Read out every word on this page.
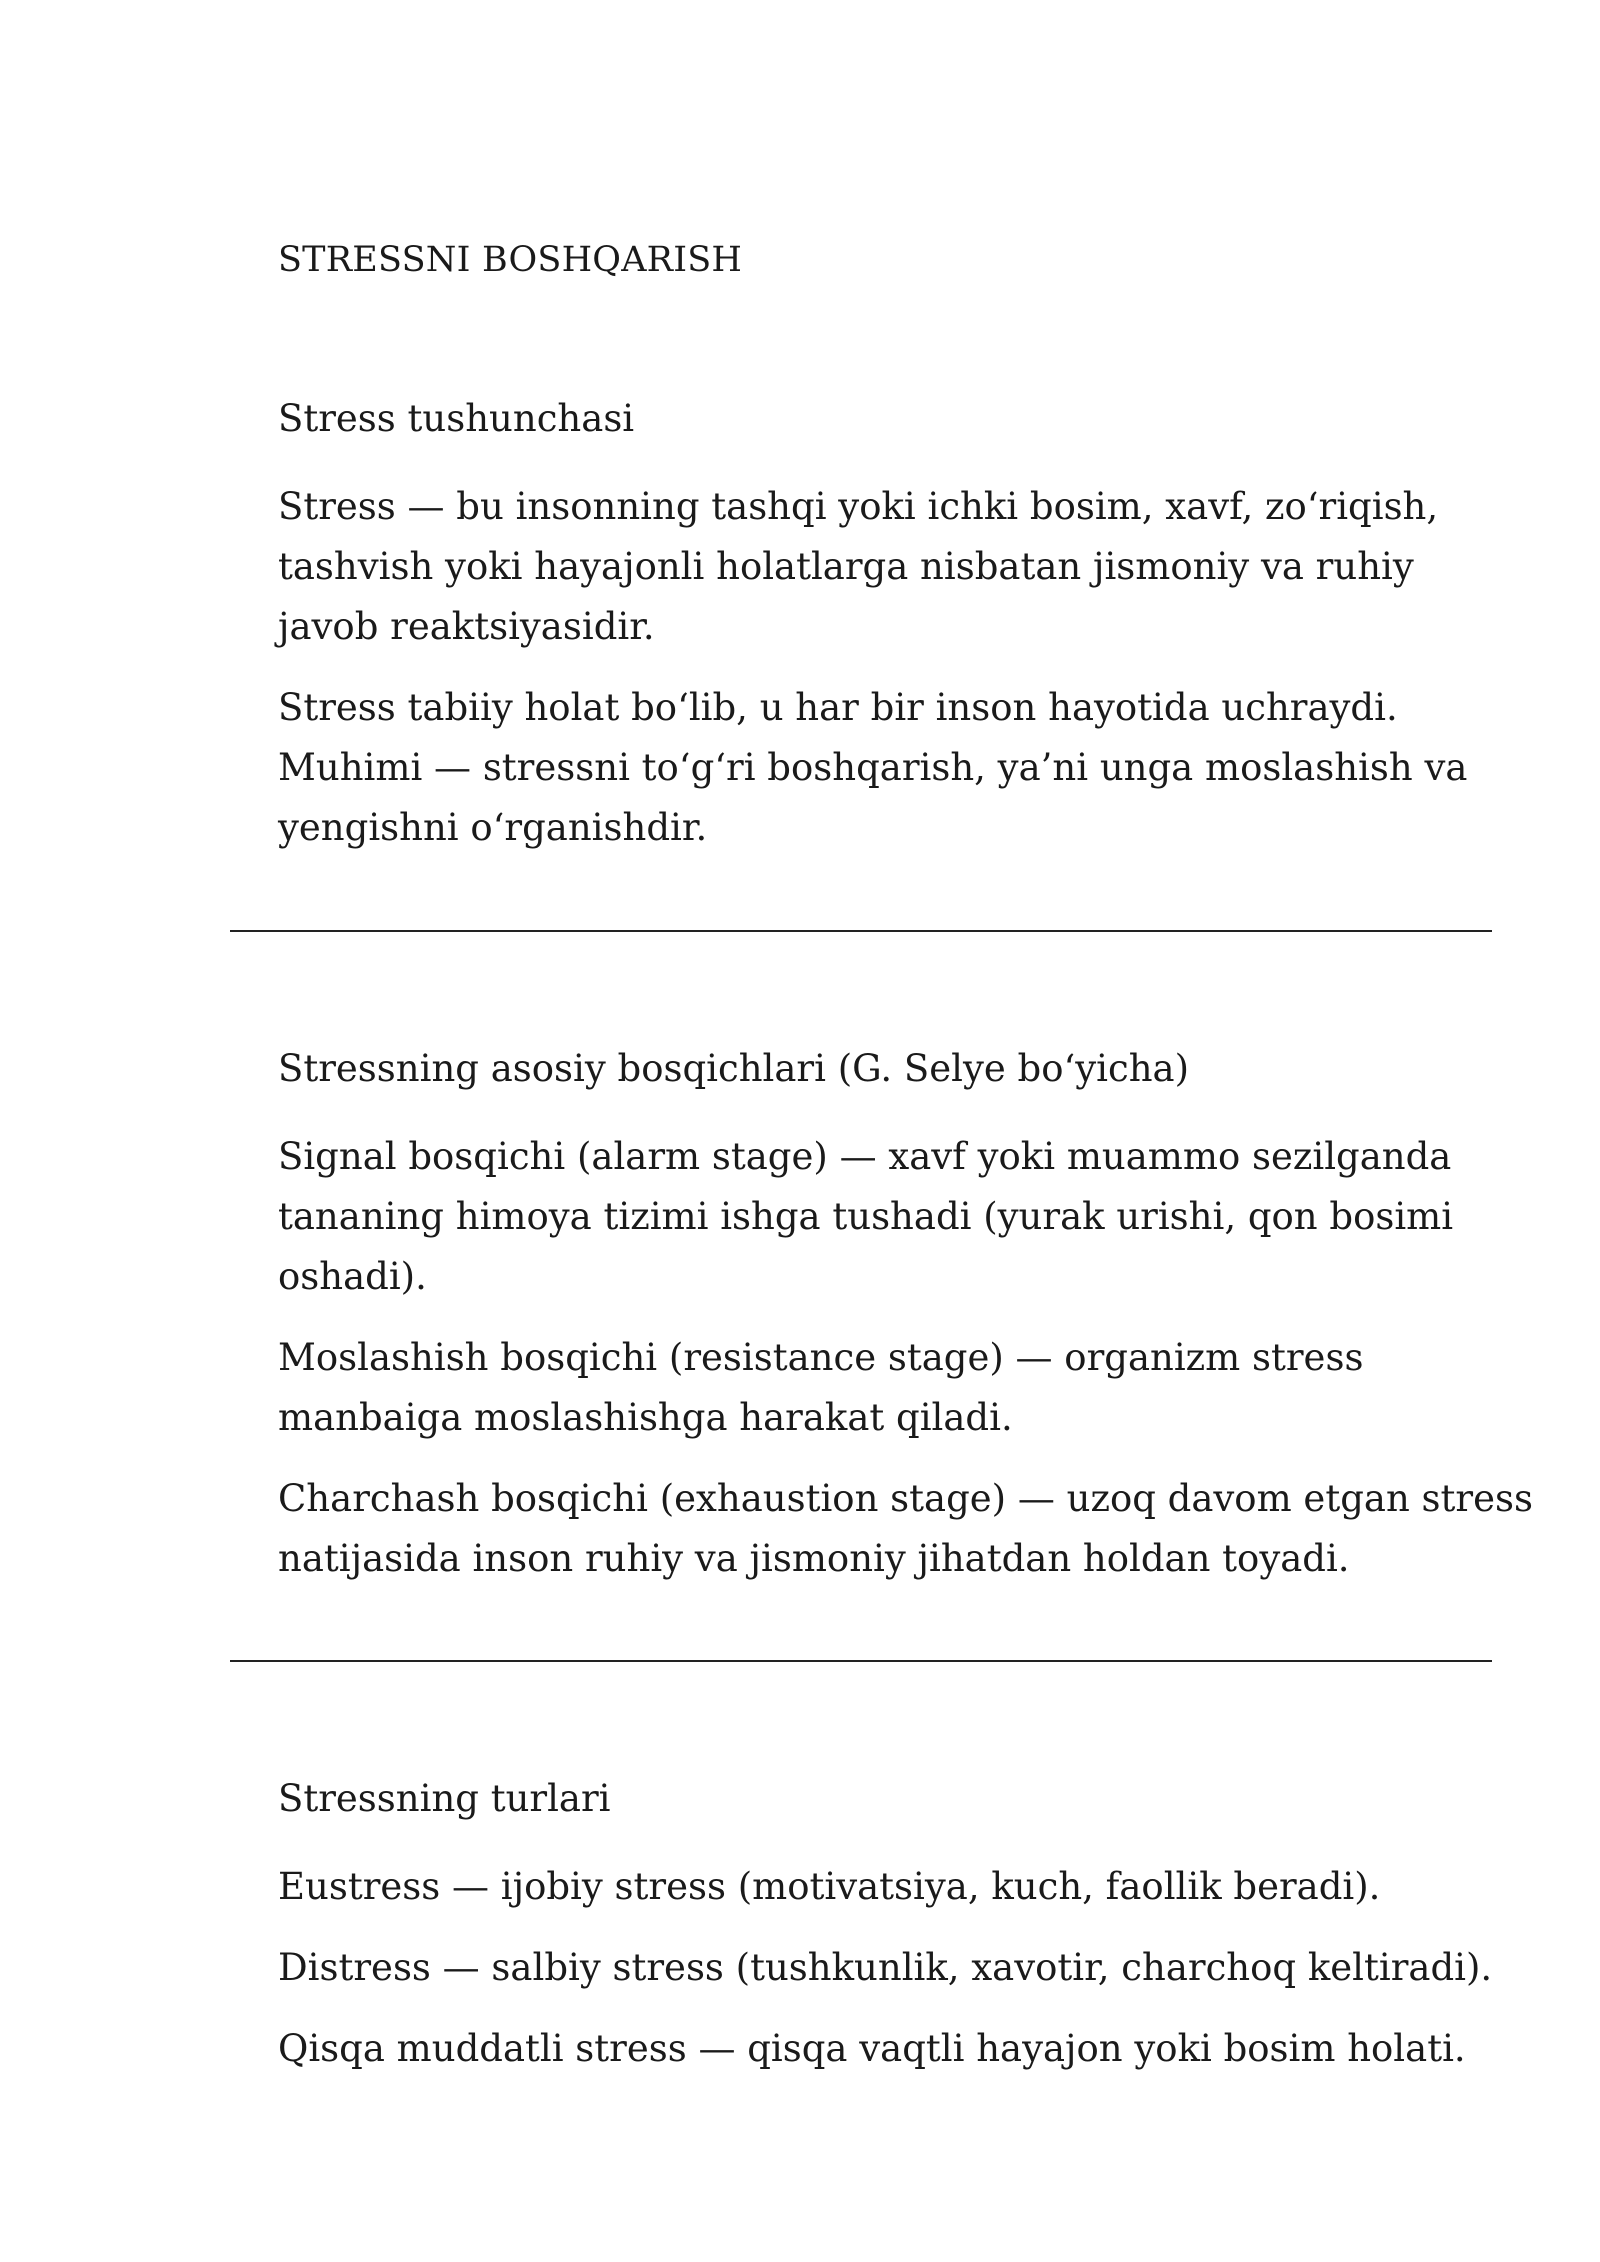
STRESSNI BOSHQARISH
Stress tushunchasi

Stress — bu insonning tashqi yoki ichki bosim, xavf, zo‘riqish,
tashvish yoki hayajonli holatlarga nisbatan jismoniy va ruhiy
javob reaktsiyasidir.

Stress tabiiy holat bo‘lib, u har bir inson hayotida uchraydi.
Muhimi — stressni to‘g‘ri boshqarish, ya’ni unga moslashish va
yengishni o‘rganishdir.

Stressning asosiy bosqichlari (G. Selye bo‘yicha)

Signal bosqichi (alarm stage) — xavf yoki muammo sezilganda
tananing himoya tizimi ishga tushadi (yurak urishi, qon bosimi
oshadi).

Moslashish bosqichi (resistance stage) — organizm stress
manbaiga moslashishga harakat qiladi.

Charchash bosqichi (exhaustion stage) — uzoq davom etgan stress
natijasida inson ruhiy va jismoniy jihatdan holdan toyadi.

Stressning turlari

Eustress — ijobiy stress (motivatsiya, kuch, faollik beradi).

Distress — salbiy stress (tushkunlik, xavotir, charchoq keltiradi).

Qisqa muddatli stress — qisqa vaqtli hayajon yoki bosim holati.
